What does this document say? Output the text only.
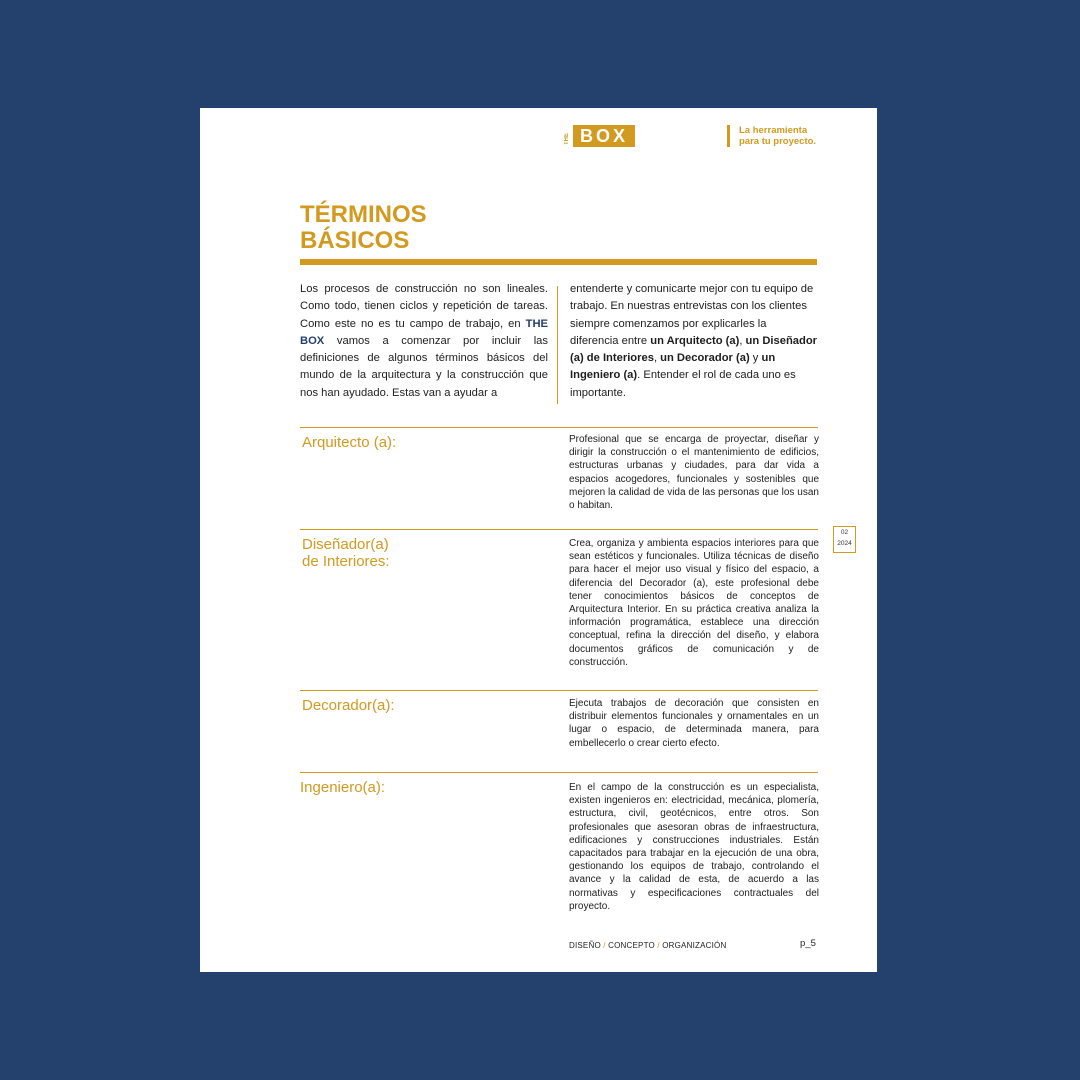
THE BOX	La herramienta
para tu proyecto.
TÉRMINOS
BÁSICOS

Los procesos de construcción no son lineales. Como todo, tienen ciclos y repetición de tareas. Como este no es tu campo de trabajo, en THE BOX vamos a comenzar por incluir las definiciones de algunos términos básicos del mundo de la arquitectura y la construcción que nos han ayudado. Estas van a ayudar a

entenderte y comunicarte mejor con tu equipo de trabajo. En nuestras entrevistas con los clientes siempre comenzamos por explicarles la diferencia entre un Arquitecto (a), un Diseñador (a) de Interiores, un Decorador (a) y un Ingeniero (a). Entender el rol de cada uno es importante.

Arquitecto (a):	Profesional que se encarga de proyectar, diseñar y dirigir la construcción o el mantenimiento de edificios, estructuras urbanas y ciudades, para dar vida a espacios acogedores, funcionales y sostenibles que mejoren la calidad de vida de las personas que los usan o habitan.
Diseñador(a)
de Interiores:
Crea, organiza y ambienta espacios interiores para que sean estéticos y funcionales. Utiliza técnicas de diseño para hacer el mejor uso visual y físico del espacio, a diferencia del Decorador (a), este profesional debe tener conocimientos básicos de conceptos de Arquitectura Interior. En su práctica creativa analiza la información programática, establece una dirección conceptual, refina la dirección del diseño, y elabora documentos gráficos de comunicación y de construcción.
02
2024
Decorador(a):	Ejecuta trabajos de decoración que consisten en distribuir elementos funcionales y ornamentales en un lugar o espacio, de determinada manera, para embellecerlo o crear cierto efecto.
Ingeniero(a):	En el campo de la construcción es un especialista, existen ingenieros en: electricidad, mecánica, plomería, estructura, civil, geotécnicos, entre otros. Son profesionales que asesoran obras de infraestructura, edificaciones y construcciones industriales. Están capacitados para trabajar en la ejecución de una obra, gestionando los equipos de trabajo, controlando el avance y la calidad de esta, de acuerdo a las normativas y especificaciones contractuales del proyecto.
DISEÑO / CONCEPTO / ORGANIZACIÓN	p_5
